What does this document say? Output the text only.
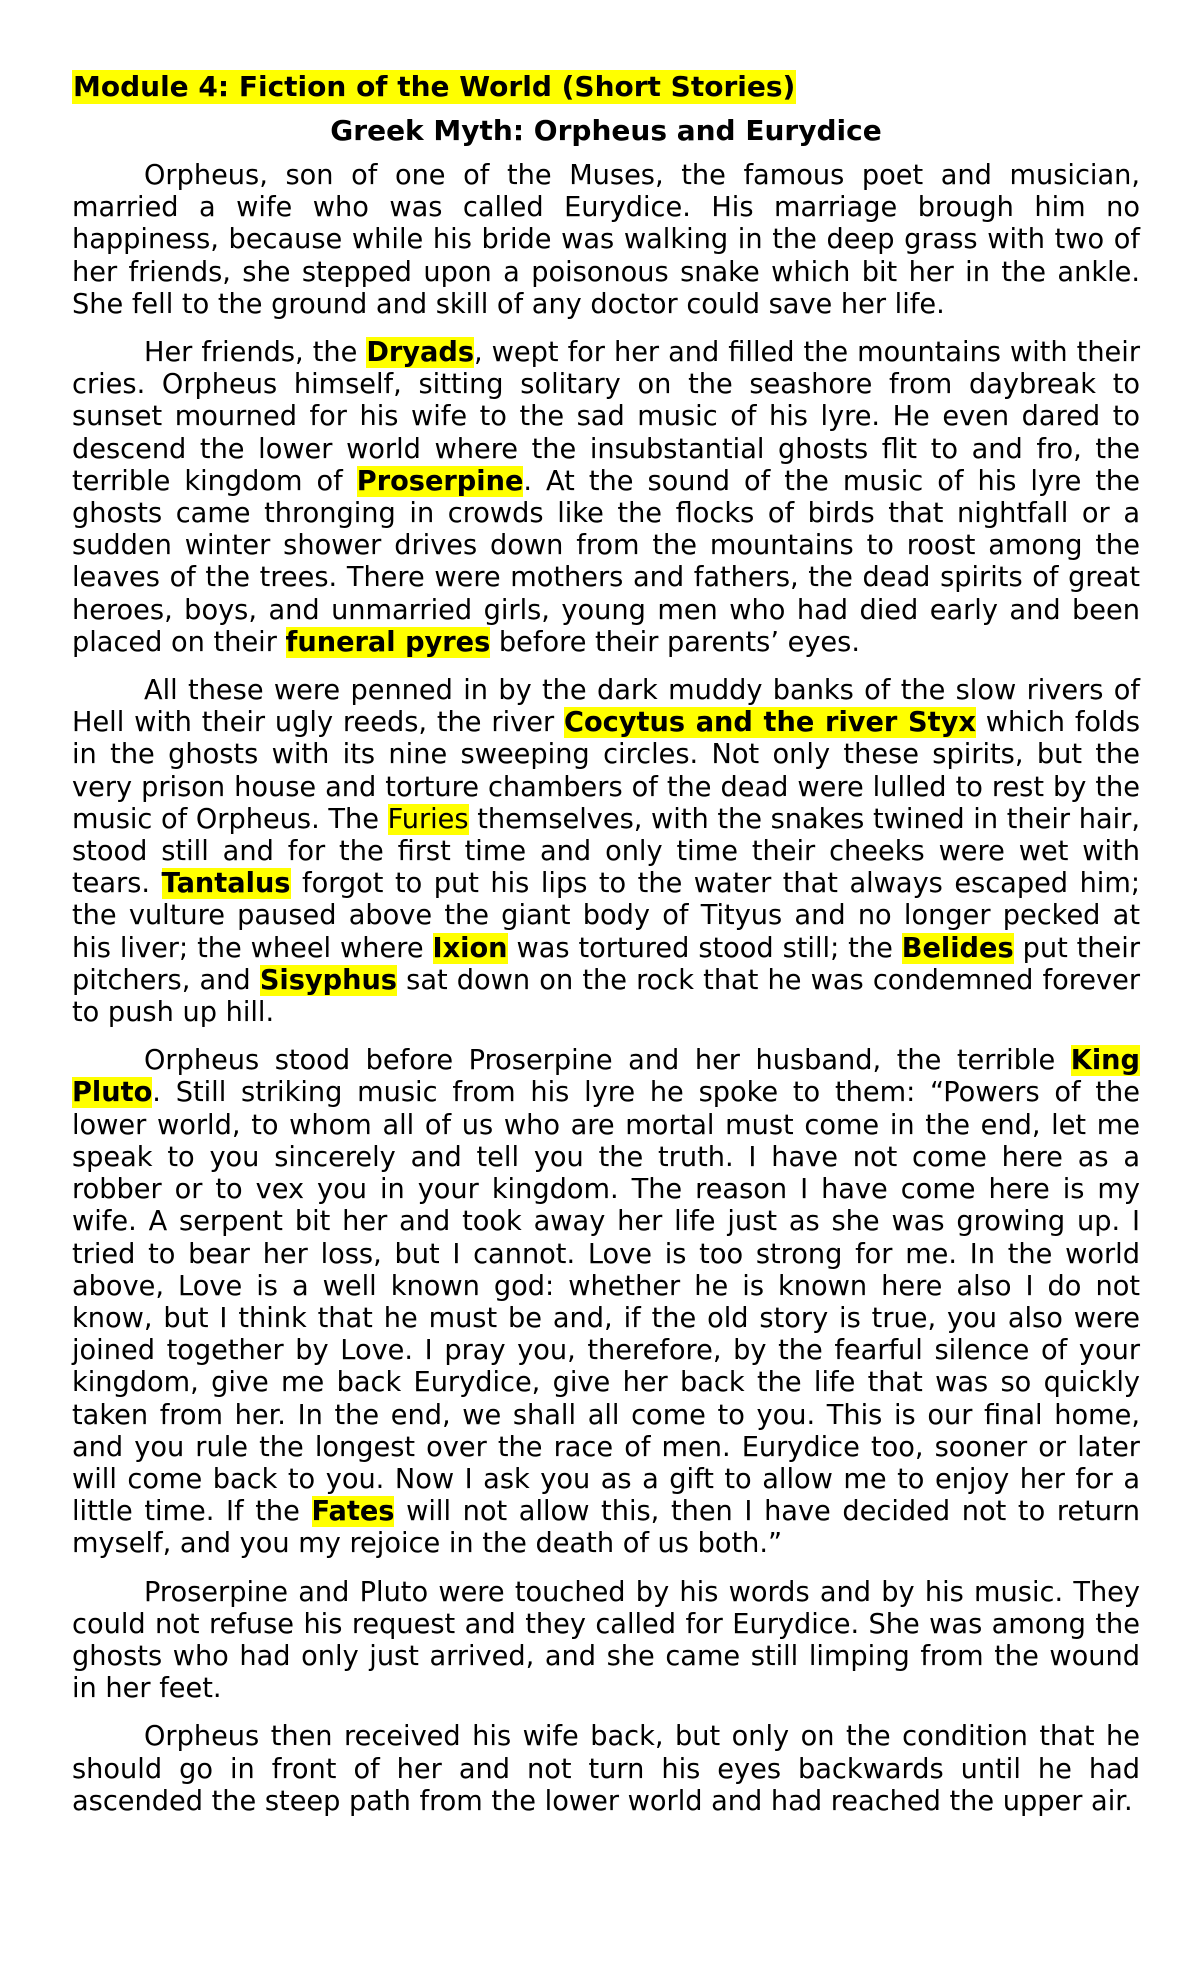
Module 4: Fiction of the World (Short Stories)
Greek Myth: Orpheus and Eurydice

Orpheus, son of one of the Muses, the famous poet and musician, married a wife who was called Eurydice. His marriage brough him no happiness, because while his bride was walking in the deep grass with two of her friends, she stepped upon a poisonous snake which bit her in the ankle. She fell to the ground and skill of any doctor could save her life.

Her friends, the Dryads, wept for her and filled the mountains with their cries. Orpheus himself, sitting solitary on the seashore from daybreak to sunset mourned for his wife to the sad music of his lyre. He even dared to descend the lower world where the insubstantial ghosts flit to and fro, the terrible kingdom of Proserpine. At the sound of the music of his lyre the ghosts came thronging in crowds like the flocks of birds that nightfall or a sudden winter shower drives down from the mountains to roost among the leaves of the trees. There were mothers and fathers, the dead spirits of great heroes, boys, and unmarried girls, young men who had died early and been placed on their funeral pyres before their parents’ eyes.

All these were penned in by the dark muddy banks of the slow rivers of Hell with their ugly reeds, the river Cocytus and the river Styx which folds in the ghosts with its nine sweeping circles. Not only these spirits, but the very prison house and torture chambers of the dead were lulled to rest by the music of Orpheus. The Furies themselves, with the snakes twined in their hair, stood still and for the first time and only time their cheeks were wet with tears. Tantalus forgot to put his lips to the water that always escaped him; the vulture paused above the giant body of Tityus and no longer pecked at his liver; the wheel where Ixion was tortured stood still; the Belides put their pitchers, and Sisyphus sat down on the rock that he was condemned forever to push up hill.

Orpheus stood before Proserpine and her husband, the terrible King Pluto. Still striking music from his lyre he spoke to them: “Powers of the lower world, to whom all of us who are mortal must come in the end, let me speak to you sincerely and tell you the truth. I have not come here as a robber or to vex you in your kingdom. The reason I have come here is my wife. A serpent bit her and took away her life just as she was growing up. I tried to bear her loss, but I cannot. Love is too strong for me. In the world above, Love is a well known god: whether he is known here also I do not know, but I think that he must be and, if the old story is true, you also were joined together by Love. I pray you, therefore, by the fearful silence of your kingdom, give me back Eurydice, give her back the life that was so quickly taken from her. In the end, we shall all come to you. This is our final home, and you rule the longest over the race of men. Eurydice too, sooner or later will come back to you. Now I ask you as a gift to allow me to enjoy her for a little time. If the Fates will not allow this, then I have decided not to return myself, and you my rejoice in the death of us both.”

Proserpine and Pluto were touched by his words and by his music. They could not refuse his request and they called for Eurydice. She was among the ghosts who had only just arrived, and she came still limping from the wound in her feet.

Orpheus then received his wife back, but only on the condition that he should go in front of her and not turn his eyes backwards until he had ascended the steep path from the lower world and had reached the upper air.
